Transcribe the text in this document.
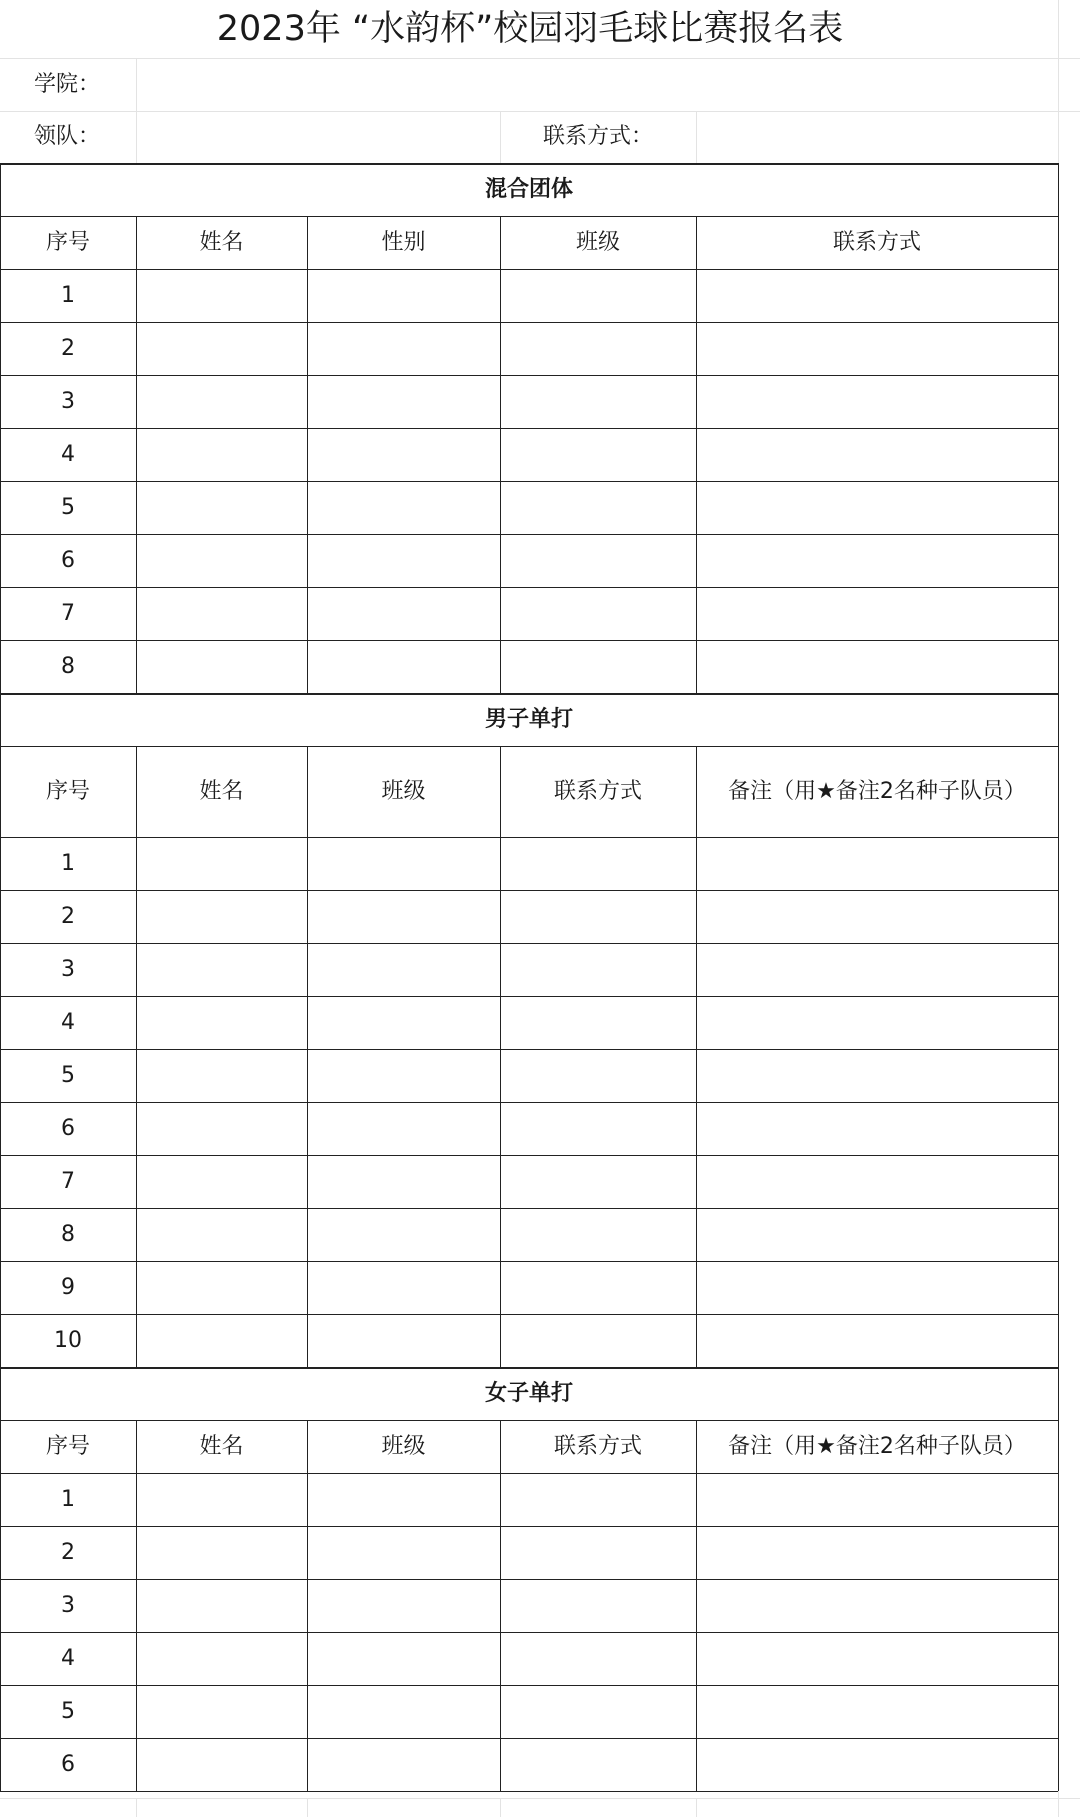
2023年 “水韵杯”校园羽毛球比赛报名表
学院：
领队：	联系方式：
混合团体
序号	姓名	性别	班级	联系方式
1
2
3
4
5
6
7
8
男子单打
序号	姓名	班级	联系方式	备注（用★备注2名种子队员）
1
2
3
4
5
6
7
8
9
10
女子单打
序号	姓名	班级	联系方式	备注（用★备注2名种子队员）
1
2
3
4
5
6
